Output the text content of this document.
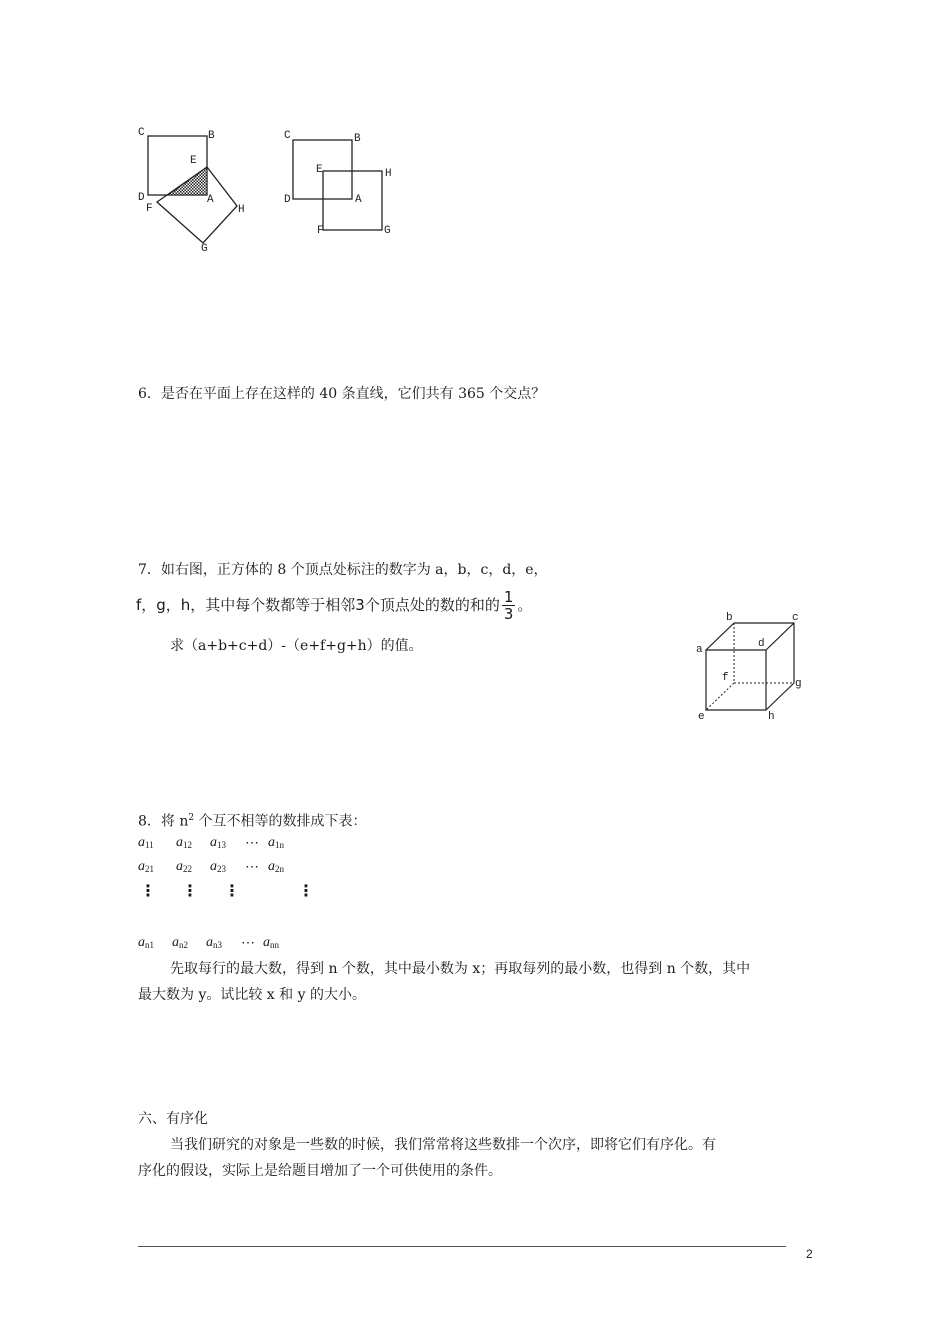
C	B
E
D	A
F	H
G
C	B
E	H
D	A
F	G
6．是否在平面上存在这样的 40 条直线，它们共有 365 个交点？
7．如右图，正方体的 8 个顶点处标注的数字为 a，b，c，d，e，
f，g，h，其中每个数都等于相邻3个顶点处的数的和的 $\frac{1}{3}$ 。
求（a+b+c+d）-（e+f+g+h）的值。
b	c
a	d
f	g
e	h
8．将 $n^2$ 个互不相等的数排成下表：
$a_{11}$ $a_{12}$ $a_{13}$ ⋯ $a_{1n}$
$a_{21}$ $a_{22}$ $a_{23}$ ⋯ $a_{2n}$
⋮ ⋮ ⋮	⋮
$a_{n1}$ $a_{n2}$ $a_{n3}$ ⋯ $a_{nn}$
先取每行的最大数，得到 n 个数，其中最小数为 x；再取每列的最小数，也得到 n 个数，其中
最大数为 y。试比较 x 和 y 的大小。
六、有序化
当我们研究的对象是一些数的时候，我们常常将这些数排一个次序，即将它们有序化。有
序化的假设，实际上是给题目增加了一个可供使用的条件。
2
